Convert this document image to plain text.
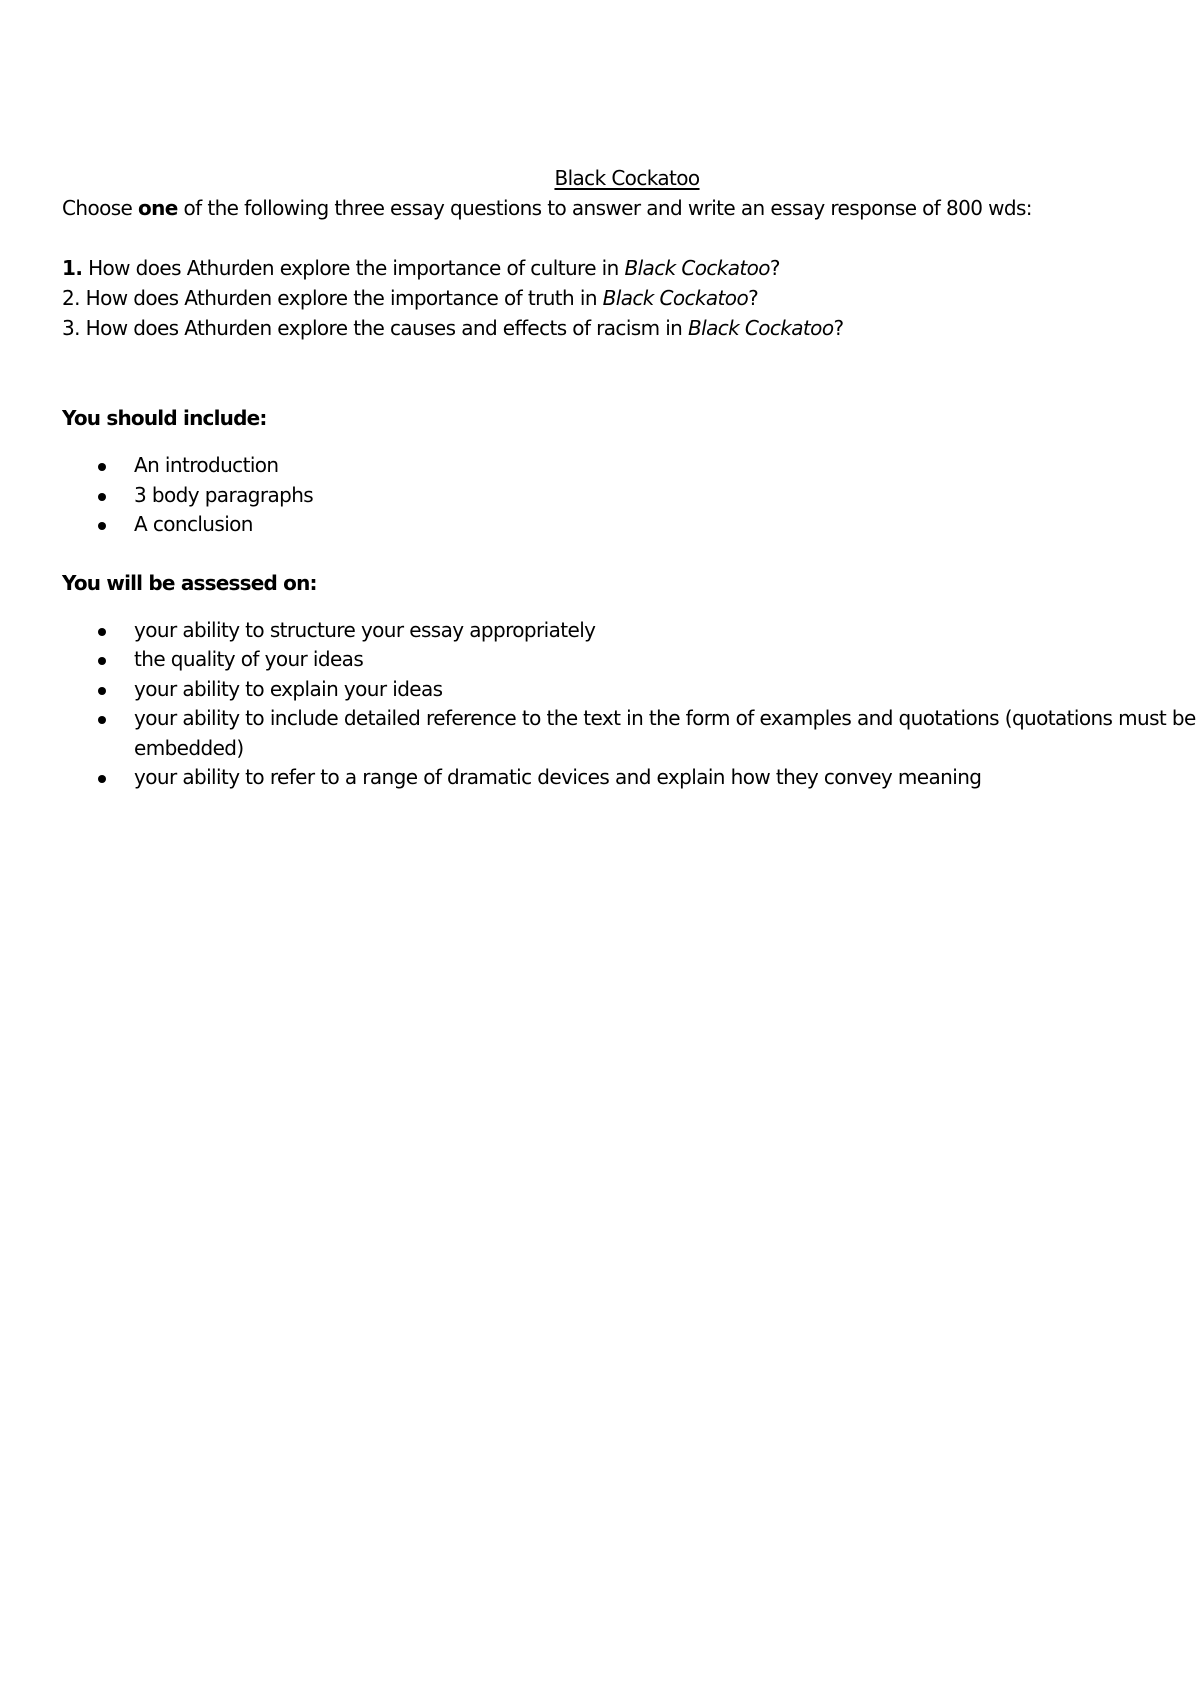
Black Cockatoo
Choose one of the following three essay questions to answer and write an essay response of 800 wds:
1. How does Athurden explore the importance of culture in Black Cockatoo?
2. How does Athurden explore the importance of truth in Black Cockatoo?
3. How does Athurden explore the causes and effects of racism in Black Cockatoo?
You should include:
An introduction
3 body paragraphs
A conclusion
You will be assessed on:
your ability to structure your essay appropriately
the quality of your ideas
your ability to explain your ideas
your ability to include detailed reference to the text in the form of examples and quotations (quotations must be embedded)
your ability to refer to a range of dramatic devices and explain how they convey meaning
